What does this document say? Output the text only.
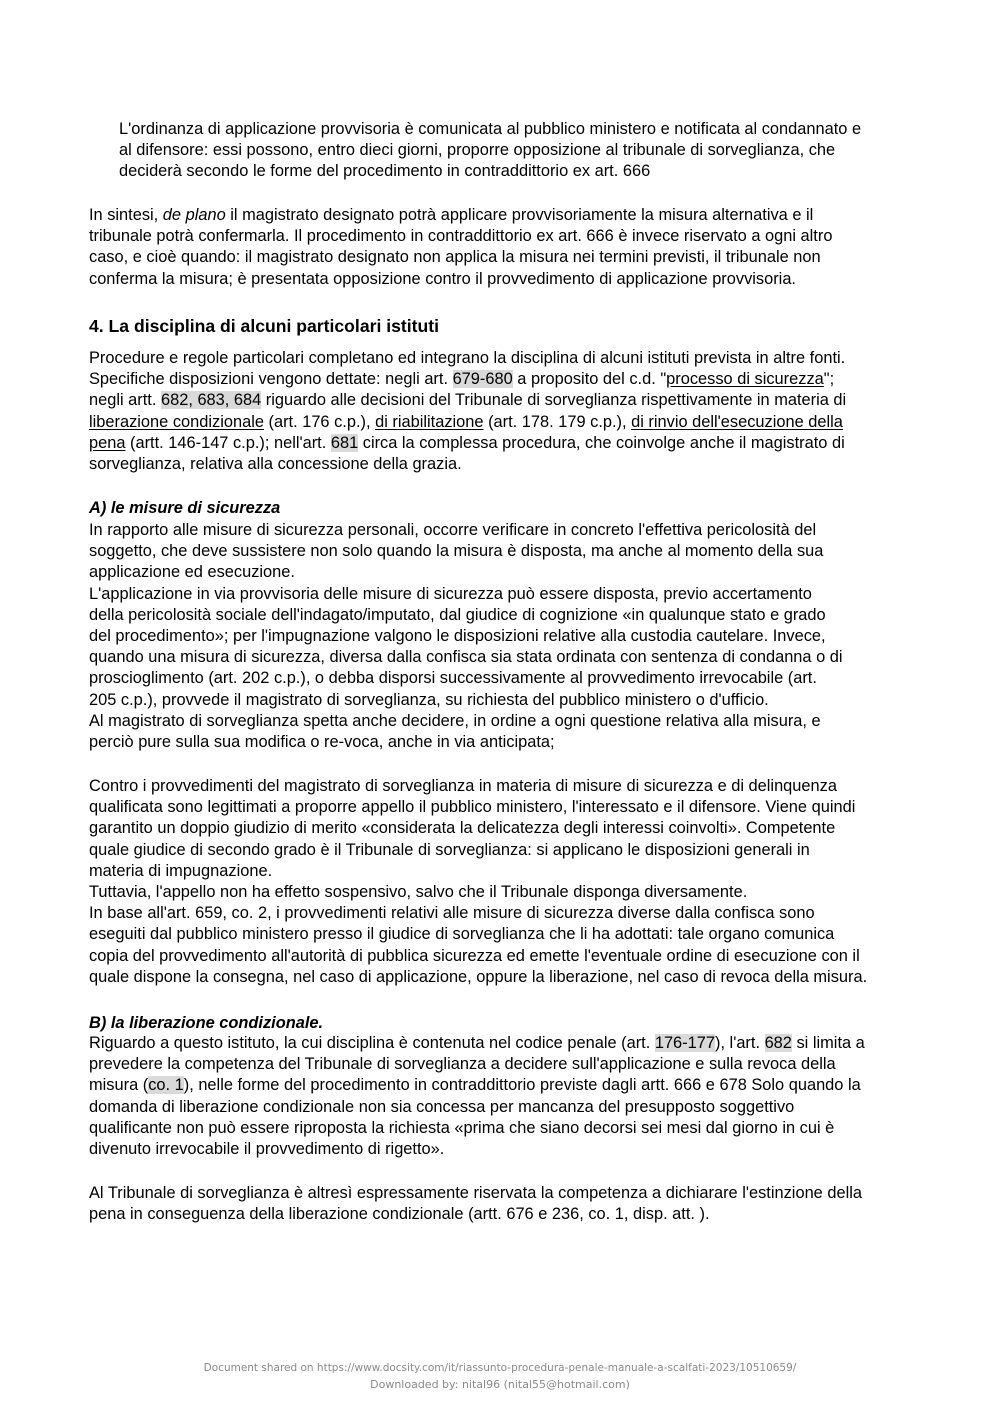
L'ordinanza di applicazione provvisoria è comunicata al pubblico ministero e notificata al condannato e
al difensore: essi possono, entro dieci giorni, proporre opposizione al tribunale di sorveglianza, che
deciderà secondo le forme del procedimento in contraddittorio ex art. 666
In sintesi, de plano il magistrato designato potrà applicare provvisoriamente la misura alternativa e il
tribunale potrà confermarla. Il procedimento in contraddittorio ex art. 666 è invece riservato a ogni altro
caso, e cioè quando: il magistrato designato non applica la misura nei termini previsti, il tribunale non
conferma la misura; è presentata opposizione contro il provvedimento di applicazione provvisoria.
4. La disciplina di alcuni particolari istituti
Procedure e regole particolari completano ed integrano la disciplina di alcuni istituti prevista in altre fonti.
Specifiche disposizioni vengono dettate: negli art. 679-680 a proposito del c.d. "processo di sicurezza";
negli artt. 682, 683, 684 riguardo alle decisioni del Tribunale di sorveglianza rispettivamente in materia di
liberazione condizionale (art. 176 c.p.), di riabilitazione (art. 178. 179 c.p.), di rinvio dell'esecuzione della
pena (artt. 146-147 c.p.); nell'art. 681 circa la complessa procedura, che coinvolge anche il magistrato di
sorveglianza, relativa alla concessione della grazia.
A) le misure di sicurezza
In rapporto alle misure di sicurezza personali, occorre verificare in concreto l'effettiva pericolosità del
soggetto, che deve sussistere non solo quando la misura è disposta, ma anche al momento della sua
applicazione ed esecuzione.
L'applicazione in via provvisoria delle misure di sicurezza può essere disposta, previo accertamento
della pericolosità sociale dell'indagato/imputato, dal giudice di cognizione «in qualunque stato e grado
del procedimento»; per l'impugnazione valgono le disposizioni relative alla custodia cautelare. Invece,
quando una misura di sicurezza, diversa dalla confisca sia stata ordinata con sentenza di condanna o di
proscioglimento (art. 202 c.p.), o debba disporsi successivamente al provvedimento irrevocabile (art.
205 c.p.), provvede il magistrato di sorveglianza, su richiesta del pubblico ministero o d'ufficio.
Al magistrato di sorveglianza spetta anche decidere, in ordine a ogni questione relativa alla misura, e
perciò pure sulla sua modifica o re-voca, anche in via anticipata;
Contro i provvedimenti del magistrato di sorveglianza in materia di misure di sicurezza e di delinquenza
qualificata sono legittimati a proporre appello il pubblico ministero, l'interessato e il difensore. Viene quindi
garantito un doppio giudizio di merito «considerata la delicatezza degli interessi coinvolti». Competente
quale giudice di secondo grado è il Tribunale di sorveglianza: si applicano le disposizioni generali in
materia di impugnazione.
Tuttavia, l'appello non ha effetto sospensivo, salvo che il Tribunale disponga diversamente.
In base all'art. 659, co. 2, i provvedimenti relativi alle misure di sicurezza diverse dalla confisca sono
eseguiti dal pubblico ministero presso il giudice di sorveglianza che li ha adottati: tale organo comunica
copia del provvedimento all'autorità di pubblica sicurezza ed emette l'eventuale ordine di esecuzione con il
quale dispone la consegna, nel caso di applicazione, oppure la liberazione, nel caso di revoca della misura.
B) la liberazione condizionale.
Riguardo a questo istituto, la cui disciplina è contenuta nel codice penale (art. 176-177), l'art. 682 si limita a
prevedere la competenza del Tribunale di sorveglianza a decidere sull'applicazione e sulla revoca della
misura (co. 1), nelle forme del procedimento in contraddittorio previste dagli artt. 666 e 678 Solo quando la
domanda di liberazione condizionale non sia concessa per mancanza del presupposto soggettivo
qualificante non può essere riproposta la richiesta «prima che siano decorsi sei mesi dal giorno in cui è
divenuto irrevocabile il provvedimento di rigetto».
Al Tribunale di sorveglianza è altresì espressamente riservata la competenza a dichiarare l'estinzione della
pena in conseguenza della liberazione condizionale (artt. 676 e 236, co. 1, disp. att. ).
Document shared on https://www.docsity.com/it/riassunto-procedura-penale-manuale-a-scalfati-2023/10510659/
Downloaded by: nital96 (nital55@hotmail.com)
